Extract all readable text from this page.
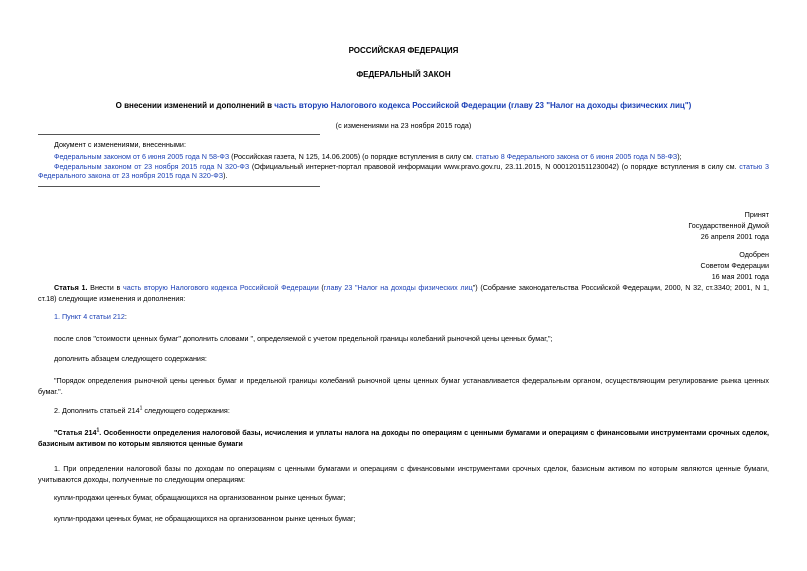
РОССИЙСКАЯ ФЕДЕРАЦИЯ
ФЕДЕРАЛЬНЫЙ ЗАКОН
О внесении изменений и дополнений в часть вторую Налогового кодекса Российской Федерации (главу 23 "Налог на доходы физических лиц")
(с изменениями на 23 ноября 2015 года)
Документ с изменениями, внесенными:
Федеральным законом от 6 июня 2005 года N 58-ФЗ (Российская газета, N 125, 14.06.2005) (о порядке вступления в силу см. статью 8 Федерального закона от 6 июня 2005 года N 58-ФЗ);
Федеральным законом от 23 ноября 2015 года N 320-ФЗ (Официальный интернет-портал правовой информации www.pravo.gov.ru, 23.11.2015, N 0001201511230042) (о порядке вступления в силу см. статью 3 Федерального закона от 23 ноября 2015 года N 320-ФЗ).
Принят
Государственной Думой
26 апреля 2001 года
Одобрен
Советом Федерации
16 мая 2001 года
Статья 1. Внести в часть вторую Налогового кодекса Российской Федерации (главу 23 "Налог на доходы физических лиц") (Собрание законодательства Российской Федерации, 2000, N 32, ст.3340; 2001, N 1, ст.18) следующие изменения и дополнения:
1. Пункт 4 статьи 212:
после слов "стоимости ценных бумаг" дополнить словами ", определяемой с учетом предельной границы колебаний рыночной цены ценных бумаг,";
дополнить абзацем следующего содержания:
"Порядок определения рыночной цены ценных бумаг и предельной границы колебаний рыночной цены ценных бумаг устанавливается федеральным органом, осуществляющим регулирование рынка ценных бумаг.".
2. Дополнить статьей $214^1$ следующего содержания:
"Статья $214^1$. Особенности определения налоговой базы, исчисления и уплаты налога на доходы по операциям с ценными бумагами и операциям с финансовыми инструментами срочных сделок, базисным активом по которым являются ценные бумаги
1. При определении налоговой базы по доходам по операциям с ценными бумагами и операциям с финансовыми инструментами срочных сделок, базисным активом по которым являются ценные бумаги, учитываются доходы, полученные по следующим операциям:
купли-продажи ценных бумаг, обращающихся на организованном рынке ценных бумаг;
купли-продажи ценных бумаг, не обращающихся на организованном рынке ценных бумаг;
